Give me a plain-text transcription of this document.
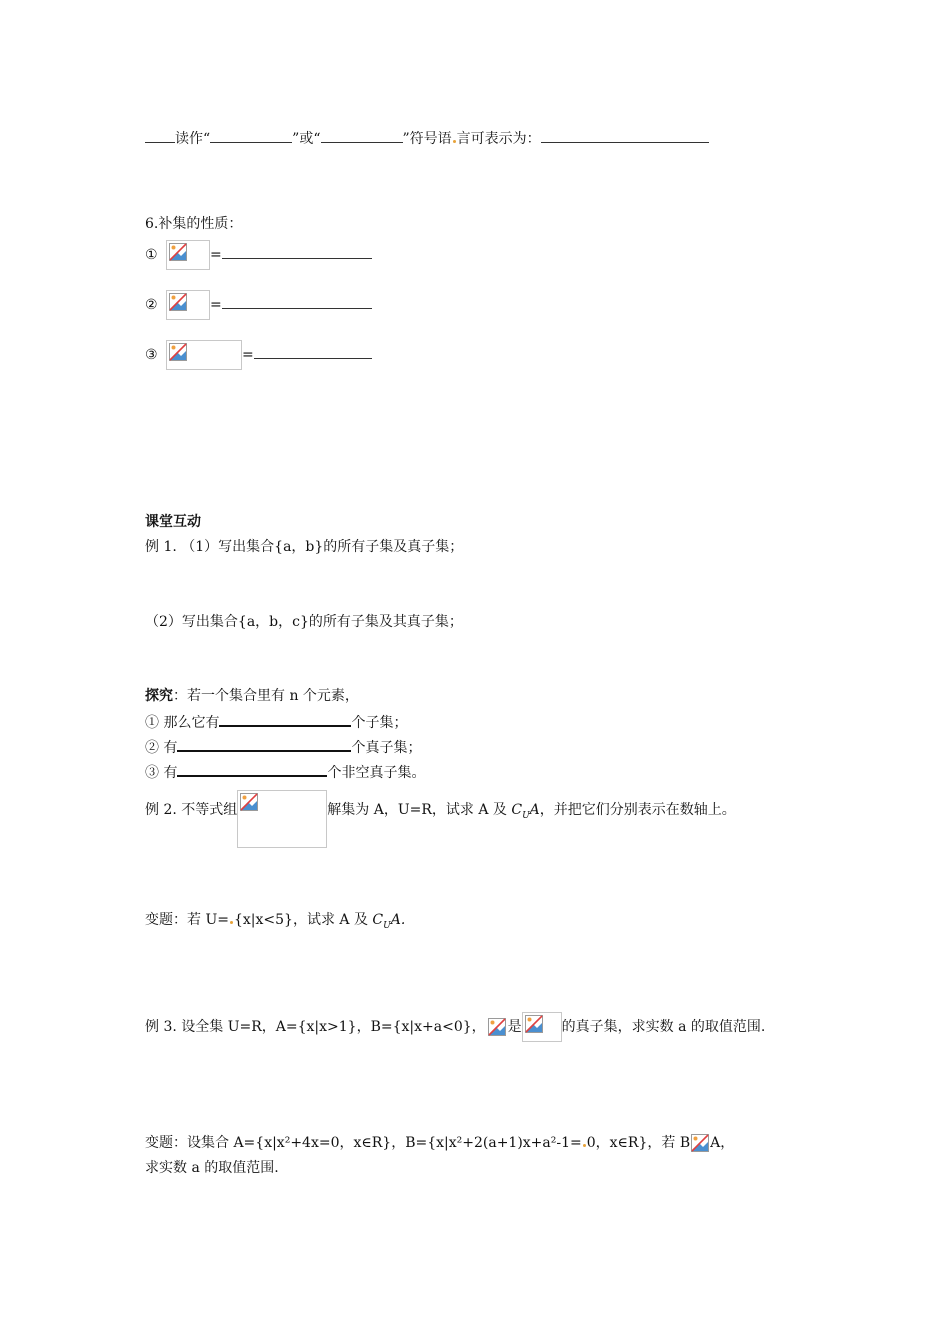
读作“	”或“	”符号语 言可表示为：
6.补集的性质：
①	=
②	=
③	=
课堂互动
例 1. （1）写出集合{a，b}的所有子集及真子集；
（2）写出集合{a，b，c}的所有子集及其真子集；
探究：若一个集合里有 n 个元素，
① 那么它有	个子集；
② 有	个真子集；
③ 有	个非空真子集。
例 2. 不等式组	解集为 A，U=R，试求 A 及 $C_UA$，并把它们分别表示在数轴上。
变题：若 U= {x|x<5}，试求 A 及 $C_UA$.
例 3. 设全集 U=R，A={x|x>1}，B={x|x+a<0}， 是	的真子集，求实数 a 的取值范围.
变题：设集合 A={x|x²+4x=0，x∈R}，B={x|x²+2(a+1)x+a²-1= 0，x∈R}，若 B A，
求实数 a 的取值范围.
